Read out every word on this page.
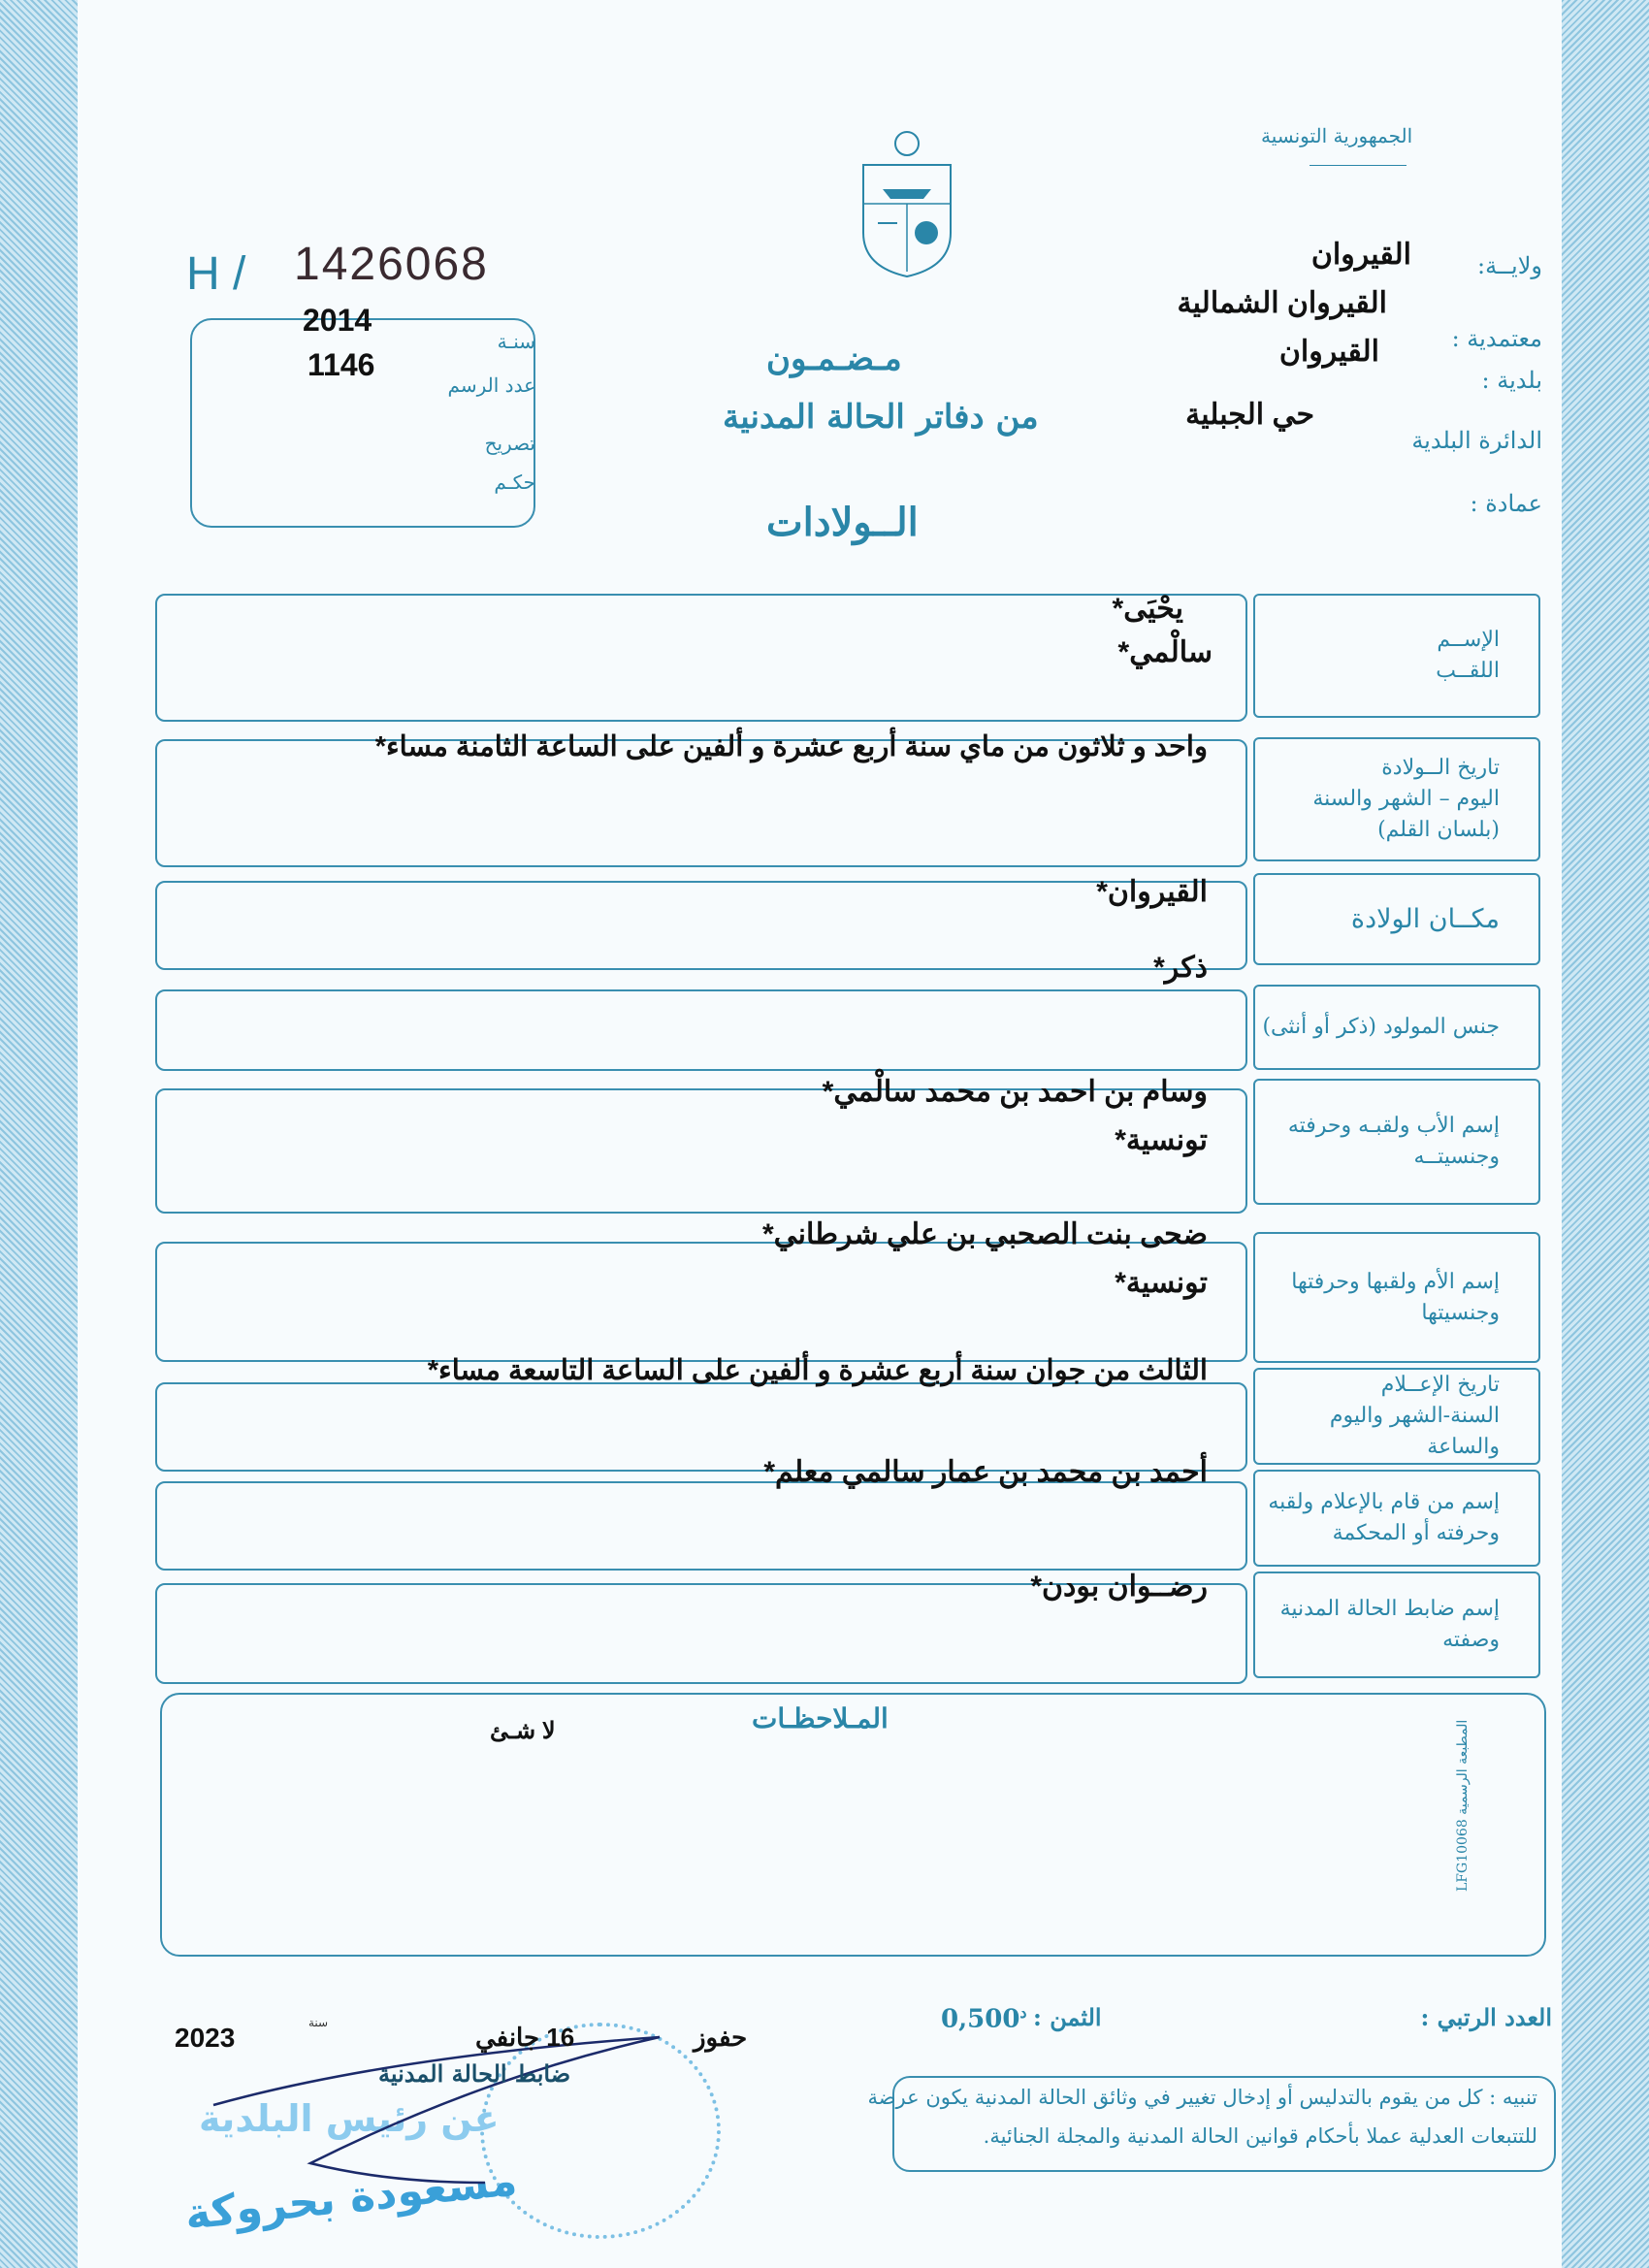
الجمهورية التونسية
H / 1426068
2014
1146
سنـة
عدد الرسم
تصريح
حكـم
مـضـمـون
من دفاتر الحالة المدنية
الــولادات
ولايــة:
القيروان
معتمدية :
القيروان الشمالية
بلدية :
القيروان
الدائرة البلدية
حي الجبلية
عمادة :
الإســم
اللقــب
يحْيَى*
سالْمي*
تاريخ الــولادة
اليوم – الشهر والسنة
(بلسان القلم)
واحد و ثلاثون من ماي سنة أربع عشرة و ألفين على الساعة الثامنة مساء*
مكــان الولادة
القيروان*
جنس المولود (ذكر أو أنثى)
ذكر*
إسم الأب ولقبـه وحرفته
وجنسيتــه
وسام بن احمد بن محمد سالْمي*
تونسية*
إسم الأم ولقبها وحرفتها
وجنسيتها
ضحى بنت الصحبي بن علي شرطاني*
تونسية*
تاريخ الإعــلام
السنة-الشهر واليوم والساعة
الثالث من جوان سنة أربع عشرة و ألفين على الساعة التاسعة مساء*
إسم من قام بالإعلام ولقبه
وحرفته أو المحكمة
أحمد بن محمد بن عمار سالمي معلم*
إسم ضابط الحالة المدنية
وصفته
رضــوان بودن*
المـلاحظـات
لا شـئ
المطبعة الرسمية LFG10068
العدد الرتبي :
الثمن :
$0,500^د$
تنبيه : كل من يقوم بالتدليس أو إدخال تغيير في وثائق الحالة المدنية يكون عرضة
للتتبعات العدلية عملا بأحكام قوانين الحالة المدنية والمجلة الجنائية.
عن رئيس البلدية
مسعودة بحروكة
حفوز
16 جانفي
سنة
2023
ضابط الحالة المدنية
